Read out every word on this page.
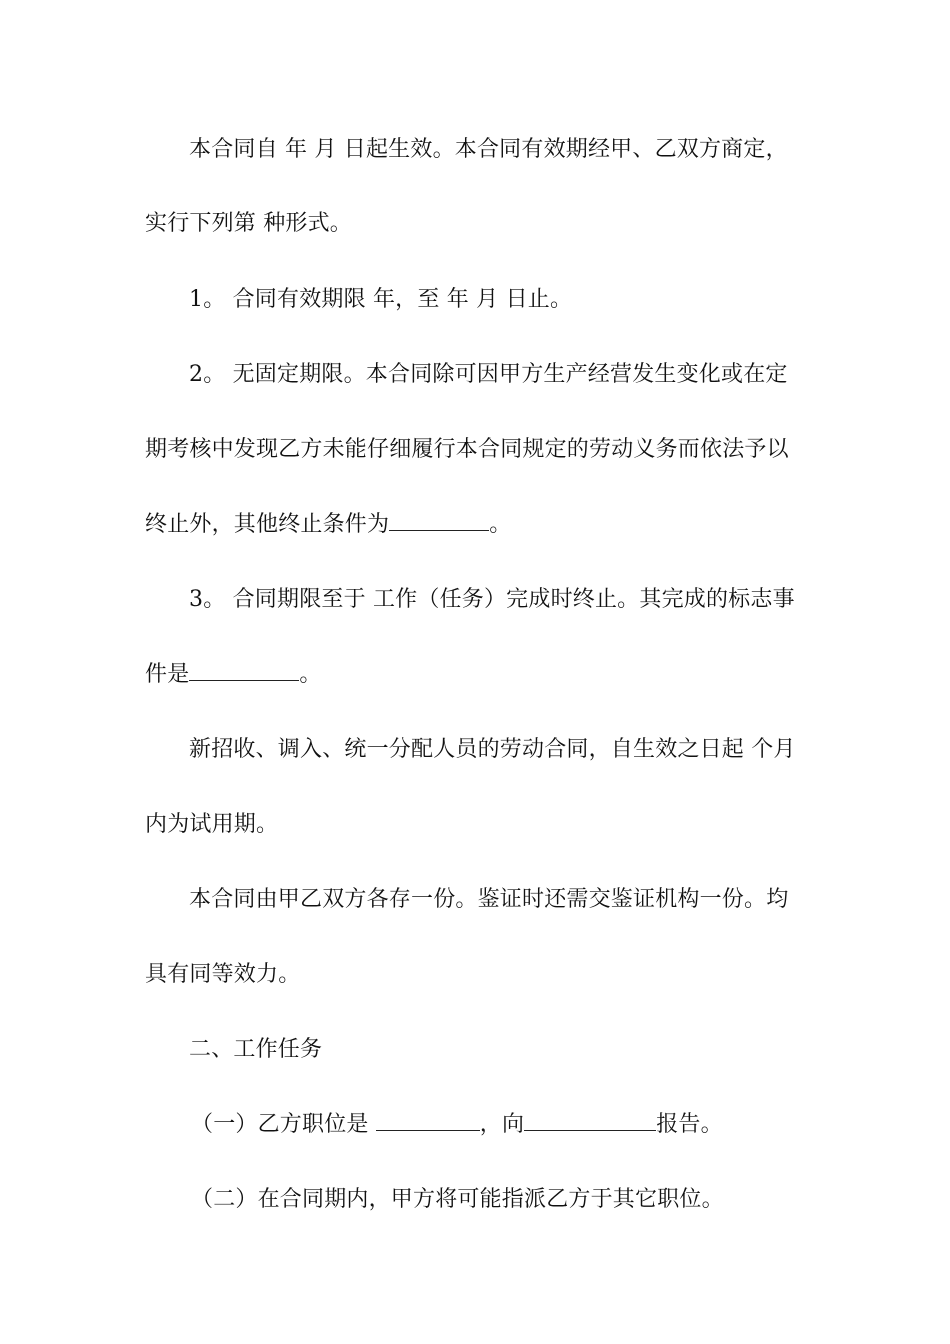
本合同自 年 月 日起生效。本合同有效期经甲、乙双方商定，
实行下列第 种形式。
1。 合同有效期限 年，至 年 月 日止。
2。 无固定期限。本合同除可因甲方生产经营发生变化或在定
期考核中发现乙方未能仔细履行本合同规定的劳动义务而依法予以
终止外，其他终止条件为	。
3。 合同期限至于 工作（任务）完成时终止。其完成的标志事
件是	。
新招收、调入、统一分配人员的劳动合同，自生效之日起 个月
内为试用期。
本合同由甲乙双方各存一份。鉴证时还需交鉴证机构一份。均
具有同等效力。
二、工作任务
（一）乙方职位是	，向	报告。
（二）在合同期内，甲方将可能指派乙方于其它职位。
